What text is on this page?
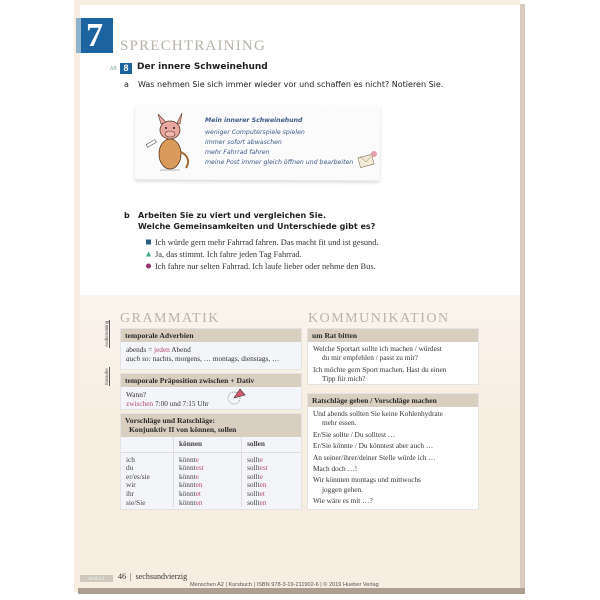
7	SPRECHTRAINING
AB 8 Der innere Schweinehund
a Was nehmen Sie sich immer wieder vor und schaffen es nicht? Notieren Sie.
Mein innerer Schweinehund
weniger Computerspiele spielen
immer sofort abwaschen
mehr Fahrrad fahren
meine Post immer gleich öffnen und bearbeiten
b Arbeiten Sie zu viert und vergleichen Sie.
Welche Gemeinsamkeiten und Unterschiede gibt es?
Ich würde gern mehr Fahrrad fahren. Das macht fit und ist gesund.
Ja, das stimmt. Ich fahre jeden Tag Fahrrad.
Ich fahre nur selten Fahrrad. Ich laufe lieber oder nehme den Bus.
GRAMMATIK	KOMMUNIKATION
Audiotraining
Karaoke
temporale Adverbien
abends = jeden Abend
auch so: nachts, morgens, … montags, dienstags, …
temporale Präposition zwischen + Dativ
Wann?
zwischen 7:00 und 7:15 Uhr
Vorschläge und Ratschläge:
Konjunktiv II von können, sollen
	können	sollen
ich	könnte	sollte
du	könntest	solltest
er/es/sie	könnte	sollte
wir	könnten	sollten
ihr	könntet	solltet
sie/Sie	könnten	sollten
um Rat bitten
Welche Sportart sollte ich machen / würdest
du mir empfehlen / passt zu mir?
Ich möchte gern Sport machen. Hast du einen
Tipp für mich?
Ratschläge geben / Vorschläge machen
Und abends sollten Sie keine Kohlenhydrate
mehr essen.
Er/Sie sollte / Du solltest …
Er/Sie könnte / Du könntest aber auch …
An seiner/ihrer/deiner Stelle würde ich …
Mach doch …!
Wir könnten montags und mittwochs
joggen gehen.
Wie wäre es mit …?
Modul 3	46 | sechsundvierzig
Menschen A2 | Kursbuch | ISBN 978-3-19-211902-6 | © 2019 Hueber Verlag
